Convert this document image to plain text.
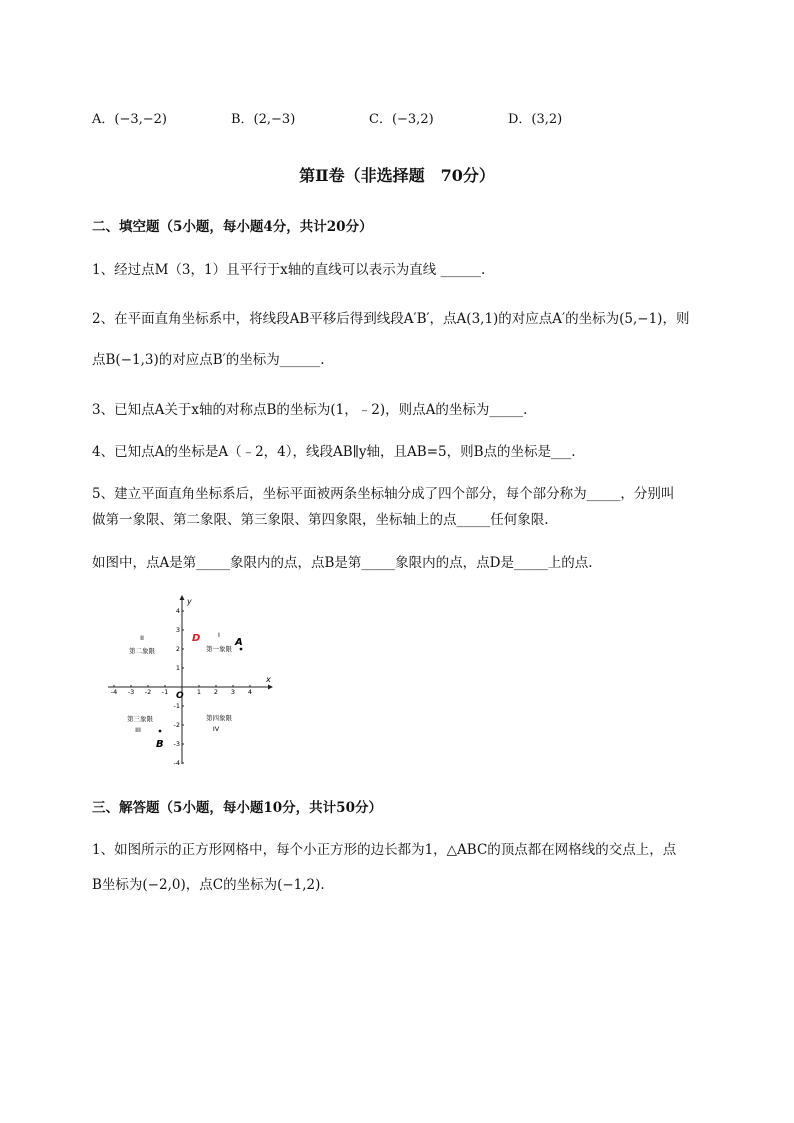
A．(−3,−2)	B．(2,−3)	C．(−3,2)	D．(3,2)
第Ⅱ卷（非选择题　70分）
二、填空题（5小题，每小题4分，共计20分）
1、经过点M（3，1）且平行于x轴的直线可以表示为直线 ______.
2、在平面直角坐标系中，将线段AB平移后得到线段A′B′，点A(3,1)的对应点A′的坐标为(5,−1)，则
点B(−1,3)的对应点B′的坐标为______.
3、已知点A关于x轴的对称点B的坐标为(1，﹣2)，则点A的坐标为_____.
4、已知点A的坐标是A（﹣2，4），线段AB∥y轴，且AB=5，则B点的坐标是___.
5、建立平面直角坐标系后，坐标平面被两条坐标轴分成了四个部分，每个部分称为_____，分别叫
做第一象限、第二象限、第三象限、第四象限，坐标轴上的点_____任何象限.
如图中，点A是第_____象限内的点，点B是第_____象限内的点，点D是_____上的点.
x
y
O
-4 -3 -2 -1	1 2 3 4
4
3
2
1
-1
-2
-3
-4
II
第二象限
I
第一象限
第三象限
III
第四象限
IV
A
B
D
三、解答题（5小题，每小题10分，共计50分）
1、如图所示的正方形网格中，每个小正方形的边长都为1，△ABC的顶点都在网格线的交点上，点
B坐标为(−2,0)，点C的坐标为(−1,2).
